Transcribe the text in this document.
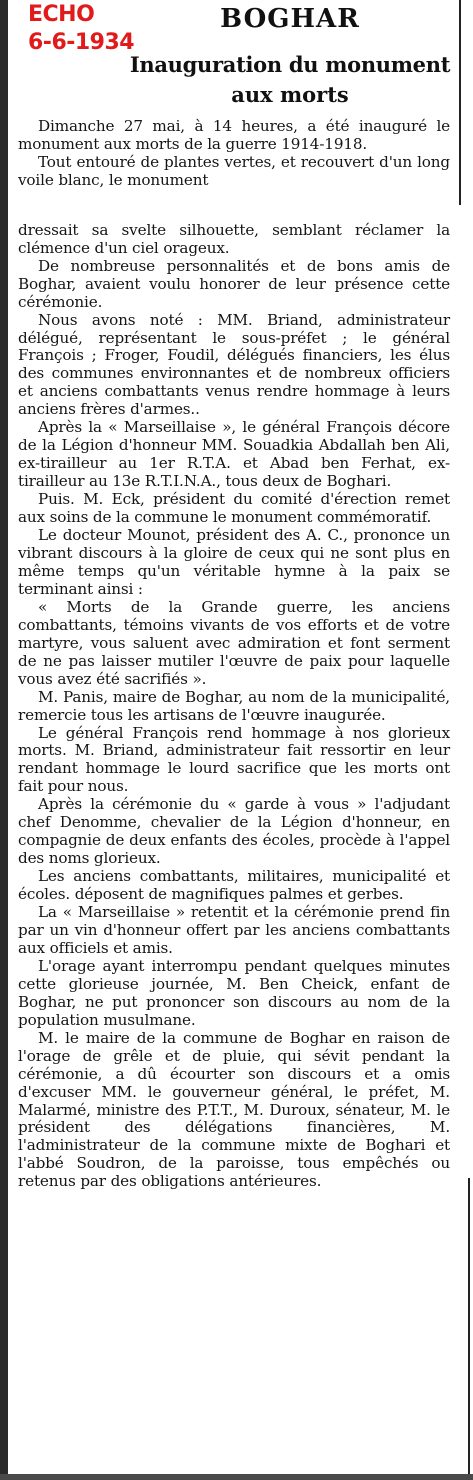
ECHO
6-6-1934
BOGHAR
Inauguration du monument
aux morts

Dimanche 27 mai, à 14 heures, a été inauguré le monument aux morts de la guerre 1914-1918.

Tout entouré de plantes vertes, et recouvert d'un long voile blanc, le monument

dressait sa svelte silhouette, semblant réclamer la clémence d'un ciel orageux.

De nombreuse personnalités et de bons amis de Boghar, avaient voulu honorer de leur présence cette cérémonie.

Nous avons noté : MM. Briand, administrateur délégué, représentant le sous-préfet ; le général François ; Froger, Foudil, délégués financiers, les élus des communes environnantes et de nombreux officiers et anciens combattants venus rendre hommage à leurs anciens frères d'armes..

Après la « Marseillaise », le général François décore de la Légion d'honneur MM. Souadkia Abdallah ben Ali, ex-tirailleur au 1er R.T.A. et Abad ben Ferhat, ex-tirailleur au 13e R.T.I.N.A., tous deux de Boghari.

Puis. M. Eck, président du comité d'érection remet aux soins de la commune le monument commémoratif.

Le docteur Mounot, président des A. C., prononce un vibrant discours à la gloire de ceux qui ne sont plus en même temps qu'un véritable hymne à la paix se terminant ainsi :

« Morts de la Grande guerre, les anciens combattants, témoins vivants de vos efforts et de votre martyre, vous saluent avec admiration et font serment de ne pas laisser mutiler l'œuvre de paix pour laquelle vous avez été sacrifiés ».

M. Panis, maire de Boghar, au nom de la municipalité, remercie tous les artisans de l'œuvre inaugurée.

Le général François rend hommage à nos glorieux morts. M. Briand, administrateur fait ressortir en leur rendant hommage le lourd sacrifice que les morts ont fait pour nous.

Après la cérémonie du « garde à vous » l'adjudant chef Denomme, chevalier de la Légion d'honneur, en compagnie de deux enfants des écoles, procède à l'appel des noms glorieux.

Les anciens combattants, militaires, municipalité et écoles. déposent de magnifiques palmes et gerbes.

La « Marseillaise » retentit et la cérémonie prend fin par un vin d'honneur offert par les anciens combattants aux officiels et amis.

L'orage ayant interrompu pendant quelques minutes cette glorieuse journée, M. Ben Cheick, enfant de Boghar, ne put prononcer son discours au nom de la population musulmane.

M. le maire de la commune de Boghar en raison de l'orage de grêle et de pluie, qui sévit pendant la cérémonie, a dû écourter son discours et a omis d'excuser MM. le gouverneur général, le préfet, M. Malarmé, ministre des P.T.T., M. Duroux, sénateur, M. le président des délégations financières, M. l'administrateur de la commune mixte de Boghari et l'abbé Soudron, de la paroisse, tous empêchés ou retenus par des obligations antérieures.
